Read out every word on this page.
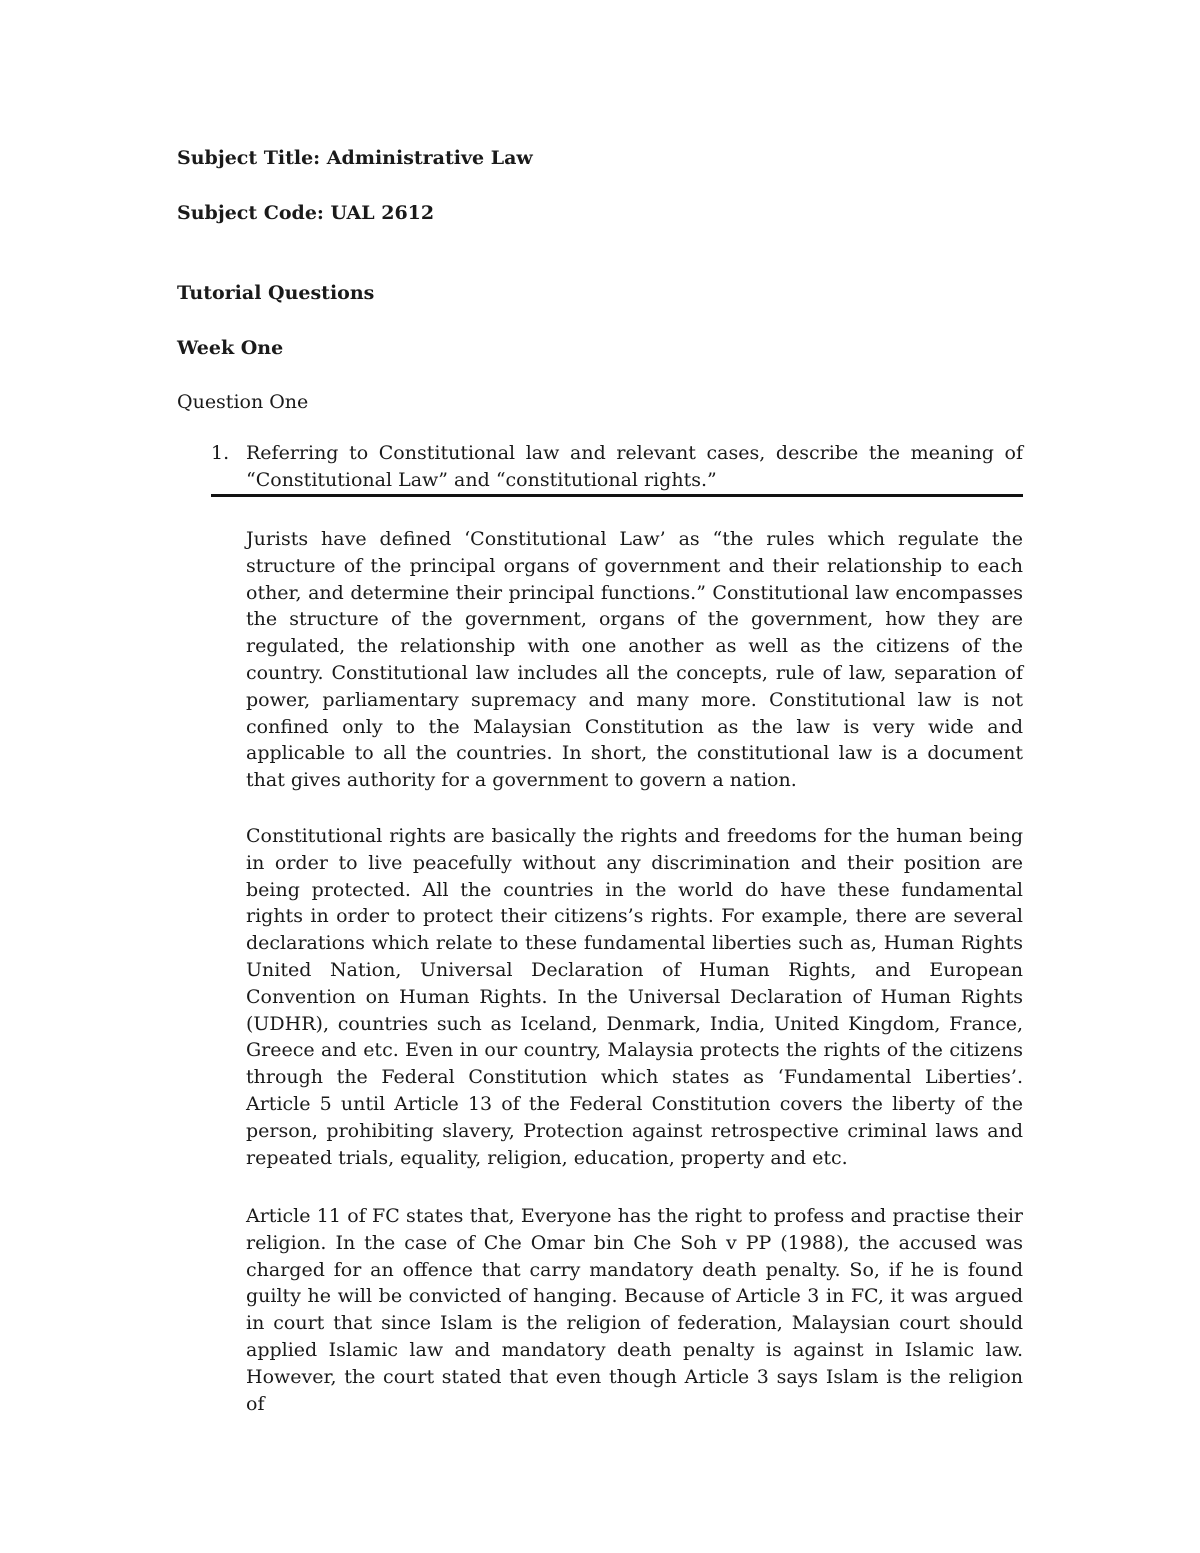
Subject Title: Administrative Law
Subject Code: UAL 2612
Tutorial Questions
Week One
Question One
1. Referring to Constitutional law and relevant cases, describe the meaning of “Constitutional Law” and “constitutional rights.”

Jurists have defined ‘Constitutional Law’ as “the rules which regulate the structure of the principal organs of government and their relationship to each other, and determine their principal functions.” Constitutional law encompasses the structure of the government, organs of the government, how they are regulated, the relationship with one another as well as the citizens of the country. Constitutional law includes all the concepts, rule of law, separation of power, parliamentary supremacy and many more. Constitutional law is not confined only to the Malaysian Constitution as the law is very wide and applicable to all the countries. In short, the constitutional law is a document that gives authority for a government to govern a nation.

Constitutional rights are basically the rights and freedoms for the human being in order to live peacefully without any discrimination and their position are being protected. All the countries in the world do have these fundamental rights in order to protect their citizens’s rights. For example, there are several declarations which relate to these fundamental liberties such as, Human Rights United Nation, Universal Declaration of Human Rights, and European Convention on Human Rights. In the Universal Declaration of Human Rights (UDHR), countries such as Iceland, Denmark, India, United Kingdom, France, Greece and etc. Even in our country, Malaysia protects the rights of the citizens through the Federal Constitution which states as ‘Fundamental Liberties’. Article 5 until Article 13 of the Federal Constitution covers the liberty of the person, prohibiting slavery, Protection against retrospective criminal laws and repeated trials, equality, religion, education, property and etc.

Article 11 of FC states that, Everyone has the right to profess and practise their religion. In the case of Che Omar bin Che Soh v PP (1988), the accused was charged for an offence that carry mandatory death penalty. So, if he is found guilty he will be convicted of hanging. Because of Article 3 in FC, it was argued in court that since Islam is the religion of federation, Malaysian court should applied Islamic law and mandatory death penalty is against in Islamic law. However, the court stated that even though Article 3 says Islam is the religion of
